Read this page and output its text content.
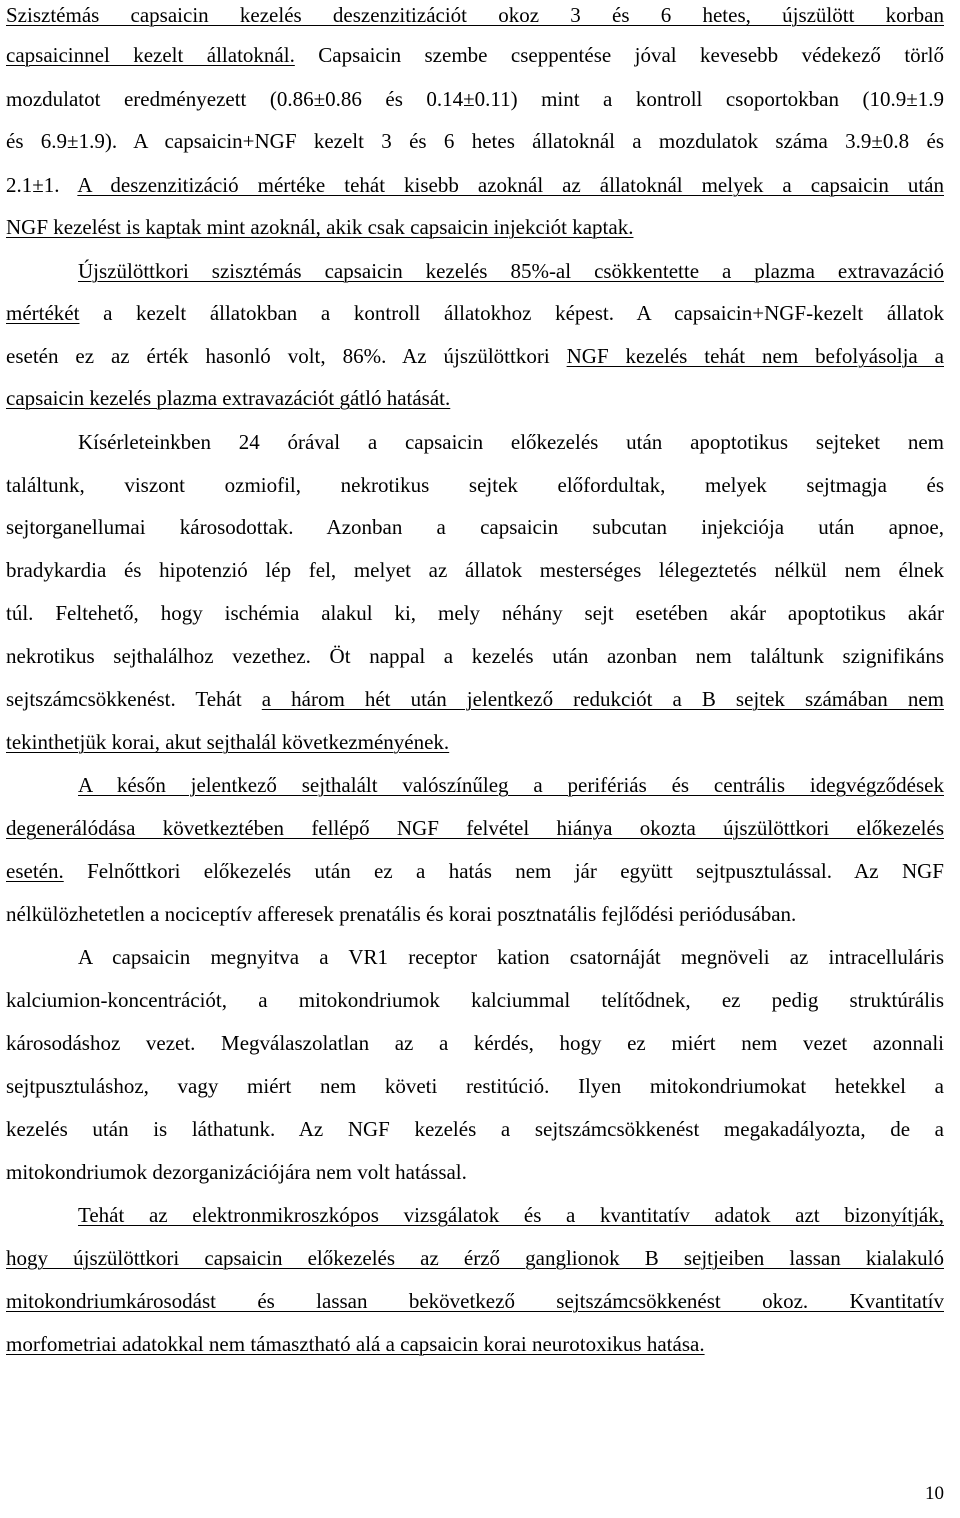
Szisztémás capsaicin kezelés deszenzitizációt okoz 3 és 6 hetes, újszülött korban
capsaicinnel kezelt állatoknál. Capsaicin szembe cseppentése jóval kevesebb védekező törlő
mozdulatot eredményezett (0.86±0.86 és 0.14±0.11) mint a kontroll csoportokban (10.9±1.9
és 6.9±1.9). A capsaicin+NGF kezelt 3 és 6 hetes állatoknál a mozdulatok száma 3.9±0.8 és
2.1±1. A deszenzitizáció mértéke tehát kisebb azoknál az állatoknál melyek a capsaicin után
NGF kezelést is kaptak mint azoknál, akik csak capsaicin injekciót kaptak.
Újszülöttkori szisztémás capsaicin kezelés 85%-al csökkentette a plazma extravazáció
mértékét a kezelt állatokban a kontroll állatokhoz képest. A capsaicin+NGF-kezelt állatok
esetén ez az érték hasonló volt, 86%. Az újszülöttkori NGF kezelés tehát nem befolyásolja a
capsaicin kezelés plazma extravazációt gátló hatását.
Kísérleteinkben 24 órával a capsaicin előkezelés után apoptotikus sejteket nem
találtunk, viszont ozmiofil, nekrotikus sejtek előfordultak, melyek sejtmagja és
sejtorganellumai károsodottak. Azonban a capsaicin subcutan injekciója után apnoe,
bradykardia és hipotenzió lép fel, melyet az állatok mesterséges lélegeztetés nélkül nem élnek
túl. Feltehető, hogy ischémia alakul ki, mely néhány sejt esetében akár apoptotikus akár
nekrotikus sejthalálhoz vezethez. Öt nappal a kezelés után azonban nem találtunk szignifikáns
sejtszámcsökkenést. Tehát a három hét után jelentkező redukciót a B sejtek számában nem
tekinthetjük korai, akut sejthalál következményének.
A későn jelentkező sejthalált valószínűleg a perifériás és centrális idegvégződések
degenerálódása következtében fellépő NGF felvétel hiánya okozta újszülöttkori előkezelés
esetén. Felnőttkori előkezelés után ez a hatás nem jár együtt sejtpusztulással. Az NGF
nélkülözhetetlen a nociceptív afferesek prenatális és korai posztnatális fejlődési periódusában.
A capsaicin megnyitva a VR1 receptor kation csatornáját megnöveli az intracelluláris
kalciumion-koncentrációt, a mitokondriumok kalciummal telítődnek, ez pedig struktúrális
károsodáshoz vezet. Megválaszolatlan az a kérdés, hogy ez miért nem vezet azonnali
sejtpusztuláshoz, vagy miért nem követi restitúció. Ilyen mitokondriumokat hetekkel a
kezelés után is láthatunk. Az NGF kezelés a sejtszámcsökkenést megakadályozta, de a
mitokondriumok dezorganizációjára nem volt hatással.
Tehát az elektronmikroszkópos vizsgálatok és a kvantitatív adatok azt bizonyítják,
hogy újszülöttkori capsaicin előkezelés az érző ganglionok B sejtjeiben lassan kialakuló
mitokondriumkárosodást és lassan bekövetkező sejtszámcsökkenést okoz. Kvantitatív
morfometriai adatokkal nem támasztható alá a capsaicin korai neurotoxikus hatása.
10
